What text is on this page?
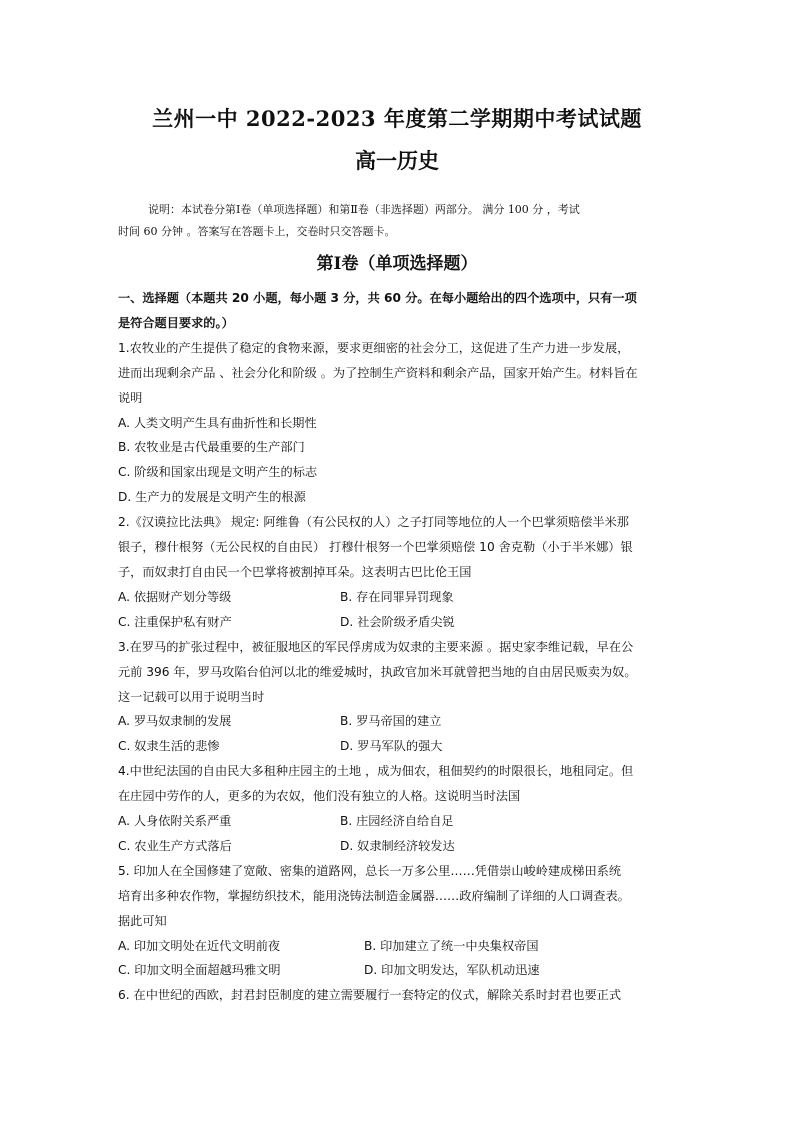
兰州一中 2022-2023 年度第二学期期中考试试题
高一历史

说明：本试卷分第Ⅰ卷（单项选择题）和第Ⅱ卷（非选择题）两部分。 满分 100 分 ，考试

时间 60 分钟 。答案写在答题卡上，交卷时只交答题卡。

第Ⅰ卷（单项选择题）

一、选择题（本题共 20 小题，每小题 3 分，共 60 分。在每小题给出的四个选项中，只有一项

是符合题目要求的。）

1.农牧业的产生提供了稳定的食物来源，要求更细密的社会分工，这促进了生产力进一步发展，

进而出现剩余产品 、社会分化和阶级 。为了控制生产资料和剩余产品，国家开始产生。材料旨在

说明

A. 人类文明产生具有曲折性和长期性

B. 农牧业是古代最重要的生产部门

C. 阶级和国家出现是文明产生的标志

D. 生产力的发展是文明产生的根源

2.《汉谟拉比法典》 规定: 阿维鲁（有公民权的人）之子打同等地位的人一个巴掌须赔偿半米那

银子，穆什根努（无公民权的自由民） 打穆什根努一个巴掌须赔偿 10 舍克勒（小于半米娜）银

子，而奴隶打自由民一个巴掌将被割掉耳朵。这表明古巴比伦王国

A. 依据财产划分等级	B. 存在同罪异罚现象

C. 注重保护私有财产	D. 社会阶级矛盾尖锐

3.在罗马的扩张过程中，被征服地区的军民俘虏成为奴隶的主要来源 。据史家李维记载，早在公

元前 396 年，罗马攻陷台伯河以北的维爱城时，执政官加米耳就曾把当地的自由居民贩卖为奴。

这一记载可以用于说明当时

A. 罗马奴隶制的发展	B. 罗马帝国的建立

C. 奴隶生活的悲惨	D. 罗马军队的强大

4.中世纪法国的自由民大多租种庄园主的土地 ，成为佃农，租佃契约的时限很长，地租同定。但

在庄园中劳作的人，更多的为农奴，他们没有独立的人格。这说明当时法国

A. 人身依附关系严重	B. 庄园经济自给自足

C. 农业生产方式落后	D. 奴隶制经济较发达

5. 印加人在全国修建了宽敞、密集的道路网，总长一万多公里……凭借崇山峻岭建成梯田系统

培育出多种农作物，掌握纺织技术，能用浇铸法制造金属器……政府编制了详细的人口调查表。

据此可知

A. 印加文明处在近代文明前夜	B. 印加建立了统一中央集权帝国

C. 印加文明全面超越玛雅文明	D. 印加文明发达，军队机动迅速

6. 在中世纪的西欧，封君封臣制度的建立需要履行一套特定的仪式，解除关系时封君也要正式
